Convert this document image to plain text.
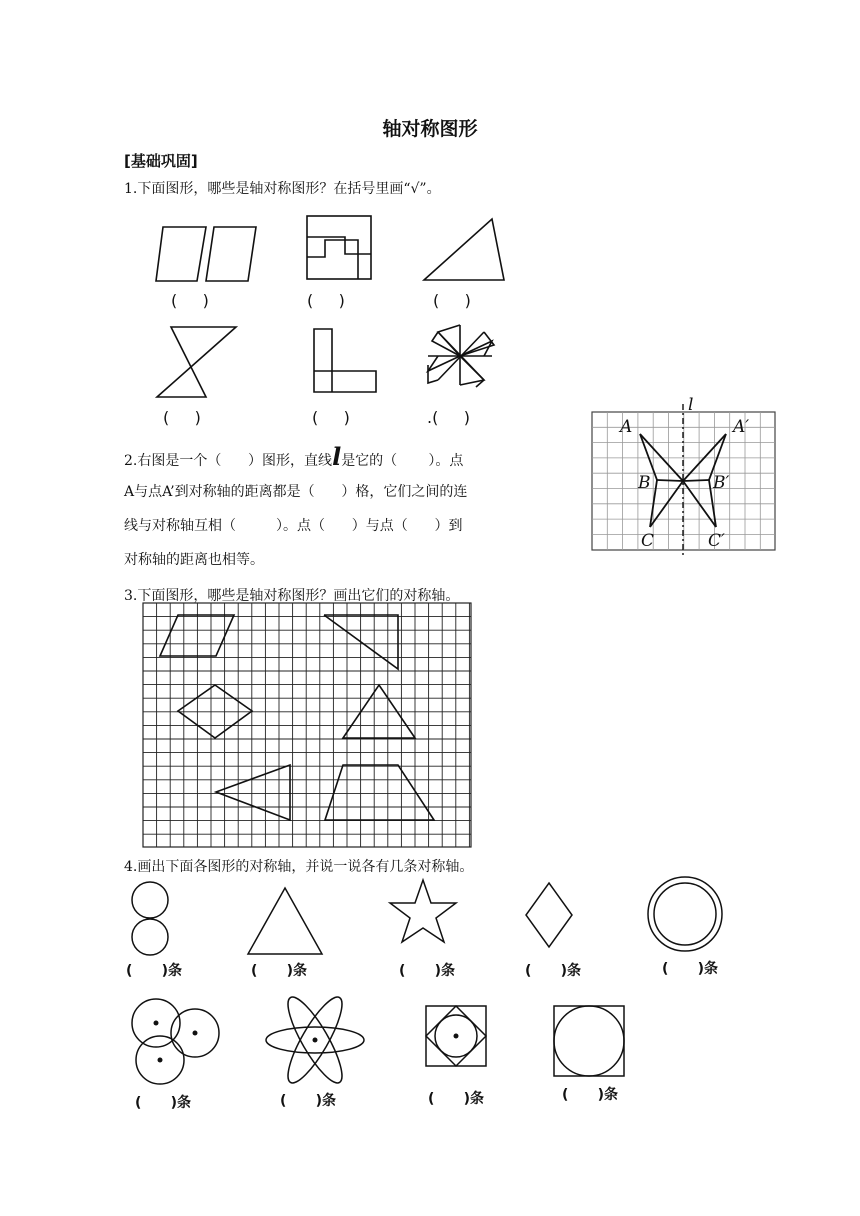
轴对称图形
[基础巩固]
1.下面图形，哪些是轴对称图形？在括号里画“√”。
A	A′
B	B′
C	C′
l
(     )	(     )	(     )
(     )	(     )	.(     )
2.右图是一个（      ）图形，直线l是它的（       ）。点
A与点A’到对称轴的距离都是（      ）格，它们之间的连
线与对称轴互相（         ）。点（      ）与点（      ）到
对称轴的距离也相等。
3.下面图形，哪些是轴对称图形？画出它们的对称轴。
4.画出下面各图形的对称轴，并说一说各有几条对称轴。
(      )条	(      )条	(      )条	(      )条	(      )条
(      )条	(      )条	(      )条	(      )条
